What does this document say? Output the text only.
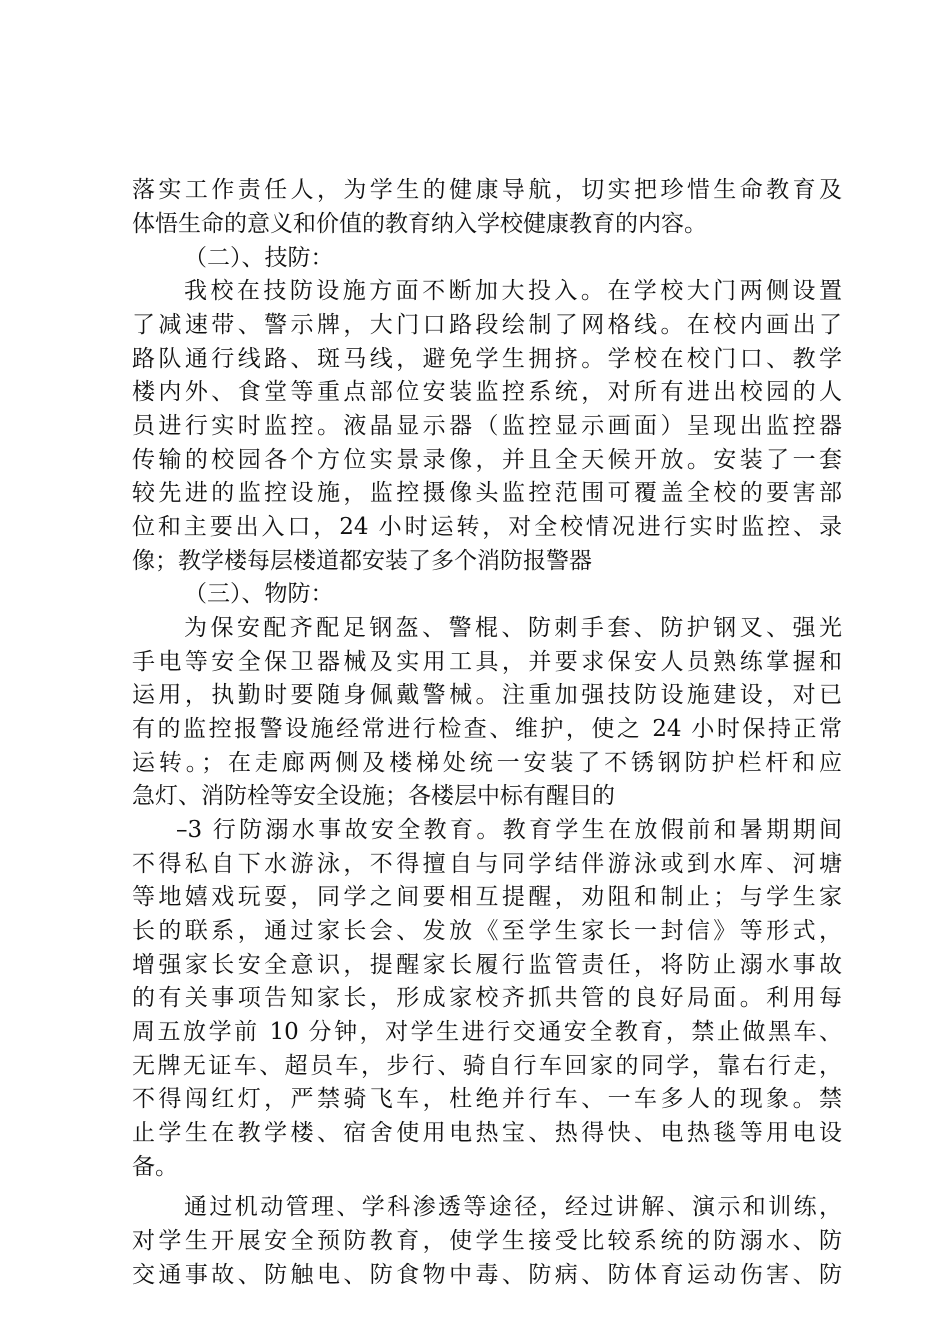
落实工作责任人，为学生的健康导航，切实把珍惜生命教育及
体悟生命的意义和价值的教育纳入学校健康教育的内容。
（二）、技防：
我校在技防设施方面不断加大投入。在学校大门两侧设置
了减速带、警示牌，大门口路段绘制了网格线。在校内画出了
路队通行线路、斑马线，避免学生拥挤。学校在校门口、教学
楼内外、食堂等重点部位安装监控系统，对所有进出校园的人
员进行实时监控。液晶显示器（监控显示画面）呈现出监控器
传输的校园各个方位实景录像，并且全天候开放。安装了一套
较先进的监控设施，监控摄像头监控范围可覆盖全校的要害部
位和主要出入口，24 小时运转，对全校情况进行实时监控、录
像；教学楼每层楼道都安装了多个消防报警器
（三）、物防：
为保安配齐配足钢盔、警棍、防刺手套、防护钢叉、强光
手电等安全保卫器械及实用工具，并要求保安人员熟练掌握和
运用，执勤时要随身佩戴警械。注重加强技防设施建设，对已
有的监控报警设施经常进行检查、维护，使之 24 小时保持正常
运转。；在走廊两侧及楼梯处统一安装了不锈钢防护栏杆和应
急灯、消防栓等安全设施；各楼层中标有醒目的
–3 行防溺水事故安全教育。教育学生在放假前和暑期期间
不得私自下水游泳，不得擅自与同学结伴游泳或到水库、河塘
等地嬉戏玩耍，同学之间要相互提醒，劝阻和制止；与学生家
长的联系，通过家长会、发放《至学生家长一封信》等形式，
增强家长安全意识，提醒家长履行监管责任，将防止溺水事故
的有关事项告知家长，形成家校齐抓共管的良好局面。利用每
周五放学前 10 分钟，对学生进行交通安全教育，禁止做黑车、
无牌无证车、超员车，步行、骑自行车回家的同学，靠右行走，
不得闯红灯，严禁骑飞车，杜绝并行车、一车多人的现象。禁
止学生在教学楼、宿舍使用电热宝、热得快、电热毯等用电设
备。
通过机动管理、学科渗透等途径，经过讲解、演示和训练，
对学生开展安全预防教育，使学生接受比较系统的防溺水、防
交通事故、防触电、防食物中毒、防病、防体育运动伤害、防
